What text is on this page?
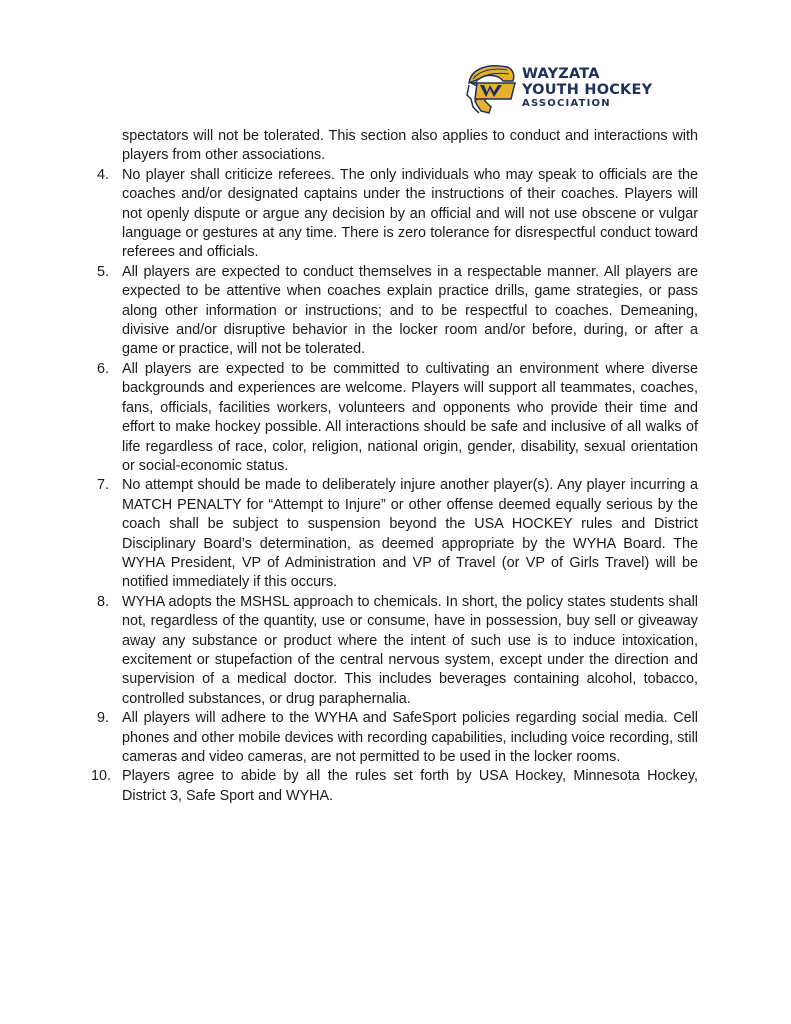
WAYZATA
YOUTH HOCKEY
ASSOCIATION
spectators will not be tolerated. This section also applies to conduct and interactions with players from other associations.
4. No player shall criticize referees. The only individuals who may speak to officials are the coaches and/or designated captains under the instructions of their coaches. Players will not openly dispute or argue any decision by an official and will not use obscene or vulgar language or gestures at any time. There is zero tolerance for disrespectful conduct toward referees and officials.
5. All players are expected to conduct themselves in a respectable manner. All players are expected to be attentive when coaches explain practice drills, game strategies, or pass along other information or instructions; and to be respectful to coaches. Demeaning, divisive and/or disruptive behavior in the locker room and/or before, during, or after a game or practice, will not be tolerated.
6. All players are expected to be committed to cultivating an environment where diverse backgrounds and experiences are welcome. Players will support all teammates, coaches, fans, officials, facilities workers, volunteers and opponents who provide their time and effort to make hockey possible. All interactions should be safe and inclusive of all walks of life regardless of race, color, religion, national origin, gender, disability, sexual orientation or social-economic status.
7. No attempt should be made to deliberately injure another player(s). Any player incurring a MATCH PENALTY for “Attempt to Injure” or other offense deemed equally serious by the coach shall be subject to suspension beyond the USA HOCKEY rules and District Disciplinary Board’s determination, as deemed appropriate by the WYHA Board. The WYHA President, VP of Administration and VP of Travel (or VP of Girls Travel) will be notified immediately if this occurs.
8. WYHA adopts the MSHSL approach to chemicals. In short, the policy states students shall not, regardless of the quantity, use or consume, have in possession, buy sell or giveaway away any substance or product where the intent of such use is to induce intoxication, excitement or stupefaction of the central nervous system, except under the direction and supervision of a medical doctor. This includes beverages containing alcohol, tobacco, controlled substances, or drug paraphernalia.
9. All players will adhere to the WYHA and SafeSport policies regarding social media. Cell phones and other mobile devices with recording capabilities, including voice recording, still cameras and video cameras, are not permitted to be used in the locker rooms.
10. Players agree to abide by all the rules set forth by USA Hockey, Minnesota Hockey, District 3, Safe Sport and WYHA.
